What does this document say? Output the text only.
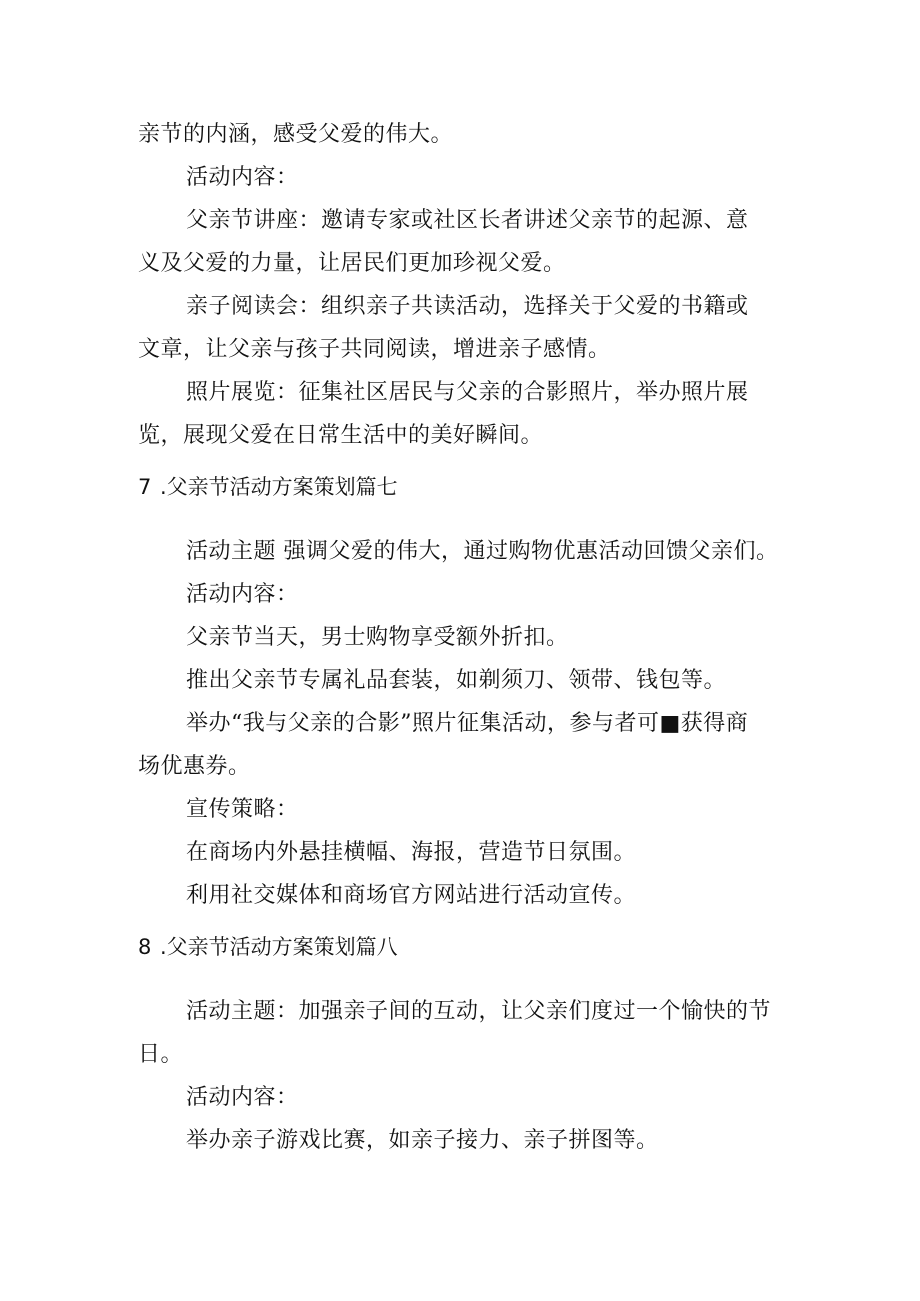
亲节的内涵，感受父爱的伟大。
活动内容：
父亲节讲座：邀请专家或社区长者讲述父亲节的起源、意
义及父爱的力量，让居民们更加珍视父爱。
亲子阅读会：组织亲子共读活动，选择关于父爱的书籍或
文章，让父亲与孩子共同阅读，增进亲子感情。
照片展览：征集社区居民与父亲的合影照片，举办照片展
览，展现父爱在日常生活中的美好瞬间。
7 .父亲节活动方案策划篇七
活动主题 强调父爱的伟大，通过购物优惠活动回馈父亲们。
活动内容：
父亲节当天，男士购物享受额外折扣。
推出父亲节专属礼品套装，如剃须刀、领带、钱包等。
举办“我与父亲的合影”照片征集活动，参与者可■获得商
场优惠券。
宣传策略：
在商场内外悬挂横幅、海报，营造节日氛围。
利用社交媒体和商场官方网站进行活动宣传。
8 .父亲节活动方案策划篇八
活动主题：加强亲子间的互动，让父亲们度过一个愉快的节
日。
活动内容：
举办亲子游戏比赛，如亲子接力、亲子拼图等。
